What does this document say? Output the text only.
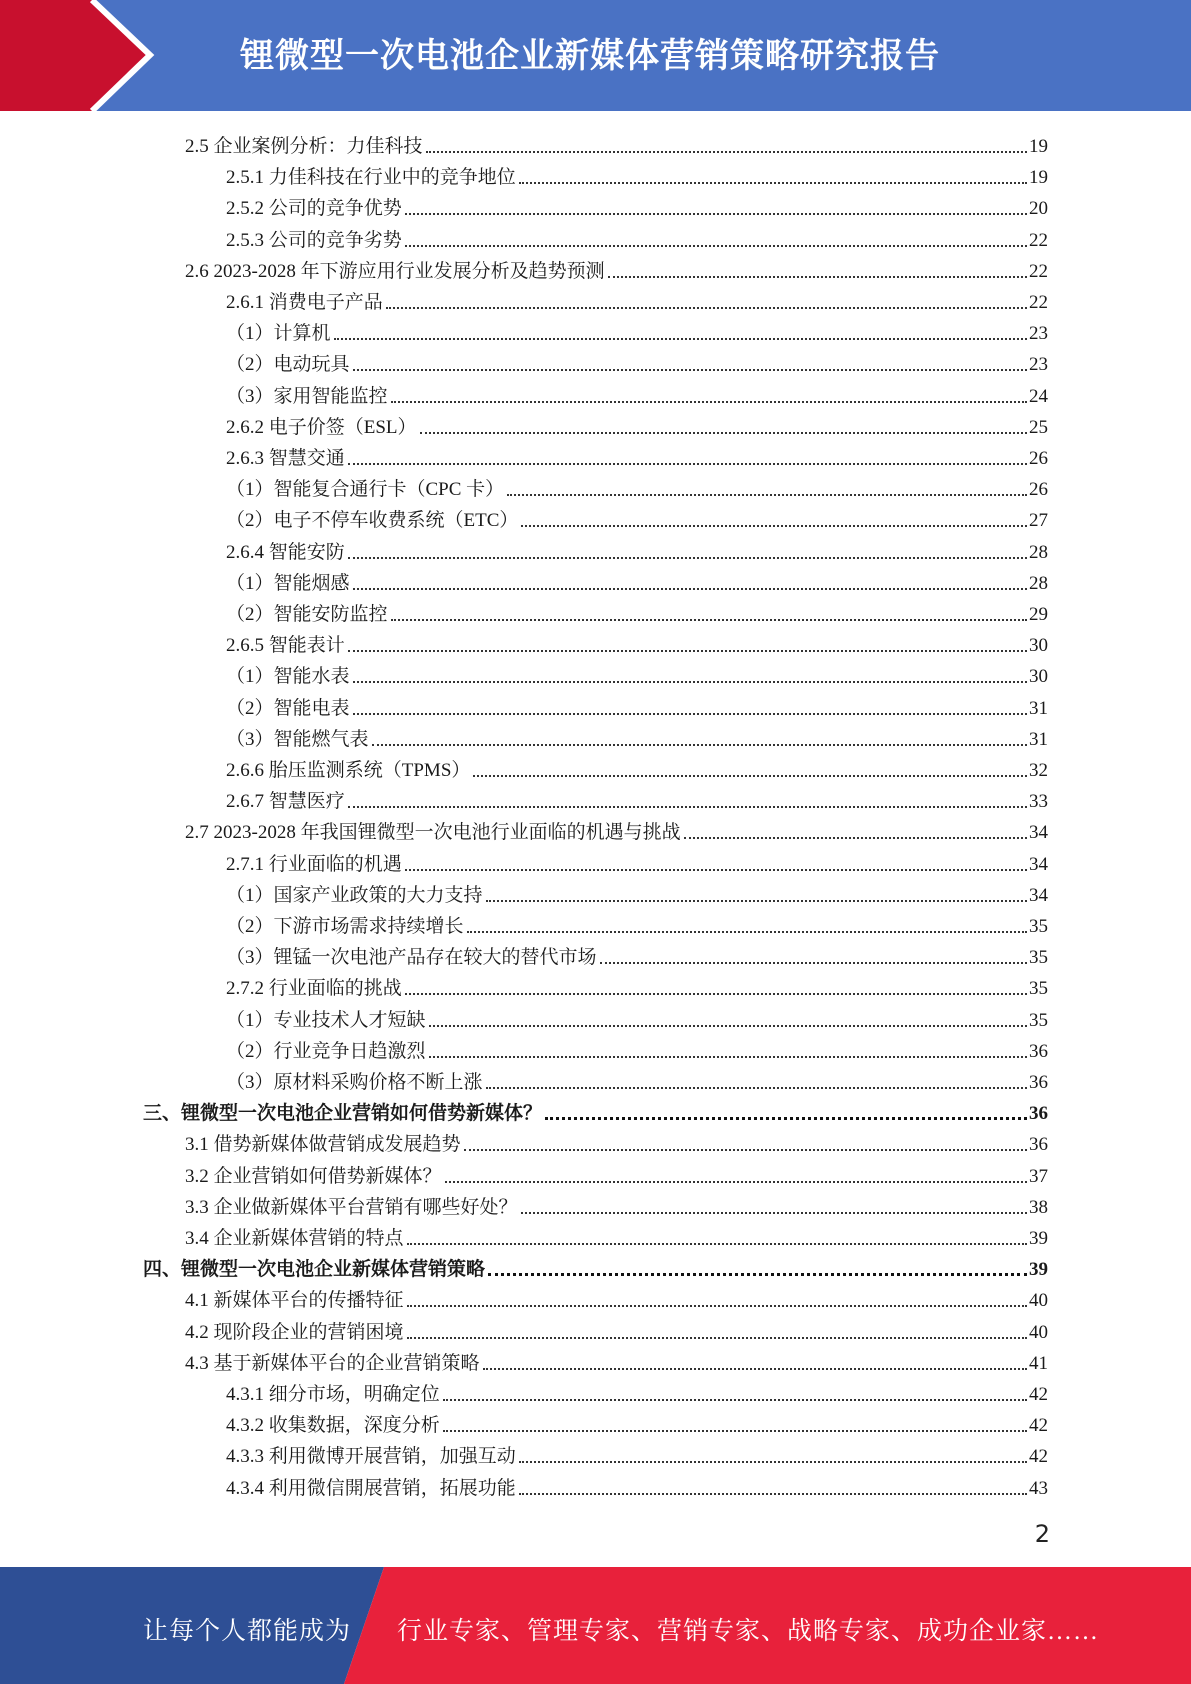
锂微型一次电池企业新媒体营销策略研究报告
2.5 企业案例分析：力佳科技	19
2.5.1 力佳科技在行业中的竞争地位	19
2.5.2 公司的竞争优势	20
2.5.3 公司的竞争劣势	22
2.6 2023-2028 年下游应用行业发展分析及趋势预测	22
2.6.1 消费电子产品	22
（1）计算机	23
（2）电动玩具	23
（3）家用智能监控	24
2.6.2 电子价签（ESL）	25
2.6.3 智慧交通	26
（1）智能复合通行卡（CPC 卡）	26
（2）电子不停车收费系统（ETC）	27
2.6.4 智能安防	28
（1）智能烟感	28
（2）智能安防监控	29
2.6.5 智能表计	30
（1）智能水表	30
（2）智能电表	31
（3）智能燃气表	31
2.6.6 胎压监测系统（TPMS）	32
2.6.7 智慧医疗	33
2.7 2023-2028 年我国锂微型一次电池行业面临的机遇与挑战	34
2.7.1 行业面临的机遇	34
（1）国家产业政策的大力支持	34
（2）下游市场需求持续增长	35
（3）锂锰一次电池产品存在较大的替代市场	35
2.7.2 行业面临的挑战	35
（1）专业技术人才短缺	35
（2）行业竞争日趋激烈	36
（3）原材料采购价格不断上涨	36
三、锂微型一次电池企业营销如何借势新媒体？	36
3.1 借势新媒体做营销成发展趋势	36
3.2 企业营销如何借势新媒体？	37
3.3 企业做新媒体平台营销有哪些好处？	38
3.4 企业新媒体营销的特点	39
四、锂微型一次电池企业新媒体营销策略	39
4.1 新媒体平台的传播特征	40
4.2 现阶段企业的营销困境	40
4.3 基于新媒体平台的企业营销策略	41
4.3.1 细分市场，明确定位	42
4.3.2 收集数据，深度分析	42
4.3.3 利用微博开展营销，加强互动	42
4.3.4 利用微信開展营销，拓展功能	43
2
让每个人都能成为 行业专家、管理专家、营销专家、战略专家、成功企业家……
